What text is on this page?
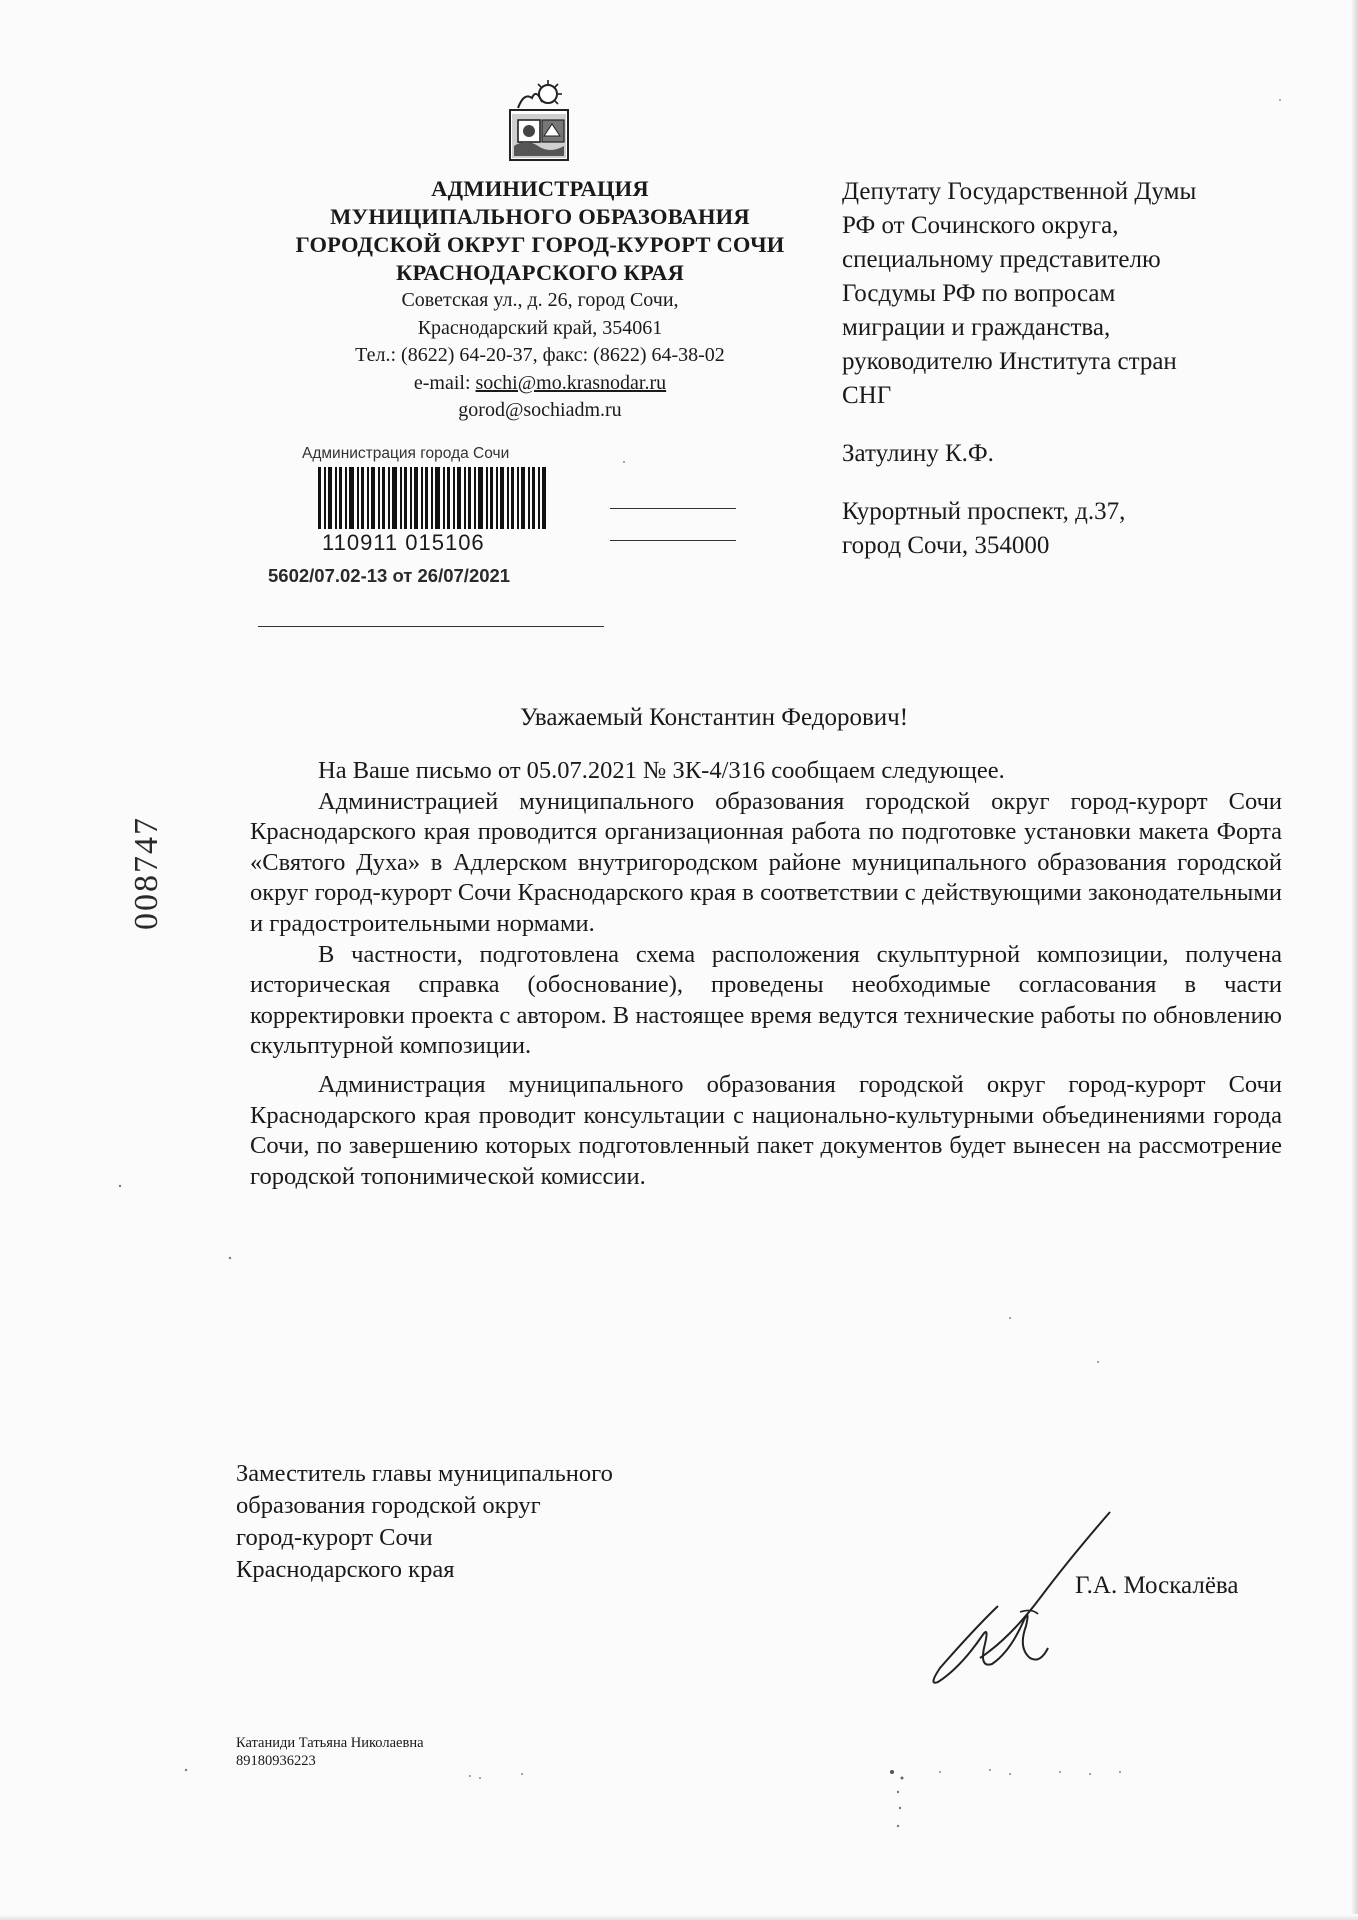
АДМИНИСТРАЦИЯ
МУНИЦИПАЛЬНОГО ОБРАЗОВАНИЯ
ГОРОДСКОЙ ОКРУГ ГОРОД-КУРОРТ СОЧИ
КРАСНОДАРСКОГО КРАЯ
Советская ул., д. 26, город Сочи,
Краснодарский край, 354061
Тел.: (8622) 64-20-37, факс: (8622) 64-38-02
e-mail: sochi@mo.krasnodar.ru
gorod@sochiadm.ru
Администрация города Сочи
110911 015106
5602/07.02-13 от 26/07/2021
Депутату Государственной Думы
РФ от Сочинского округа,
специальному представителю
Госдумы РФ по вопросам
миграции и гражданства,
руководителю Института стран
СНГ
Затулину К.Ф.
Курортный проспект, д.37,
город Сочи, 354000
008747
Уважаемый Константин Федорович!

На Ваше письмо от 05.07.2021 № ЗК-4/316 сообщаем следующее.

Администрацией муниципального образования городской округ город-курорт Сочи Краснодарского края проводится организационная работа по подготовке установки макета Форта «Святого Духа» в Адлерском внутригородском районе муниципального образования городской округ город-курорт Сочи Краснодарского края в соответствии с действующими законодательными и градостроительными нормами.

В частности, подготовлена схема расположения скульптурной композиции, получена историческая справка (обоснование), проведены необходимые согласования в части корректировки проекта с автором. В настоящее время ведутся технические работы по обновлению скульптурной композиции.

Администрация муниципального образования городской округ город-курорт Сочи Краснодарского края проводит консультации с национально-культурными объединениями города Сочи, по завершению которых подготовленный пакет документов будет вынесен на рассмотрение городской топонимической комиссии.

Заместитель главы муниципального
образования городской округ
город-курорт Сочи
Краснодарского края
Г.А. Москалёва
Катаниди Татьяна Николаевна
89180936223
